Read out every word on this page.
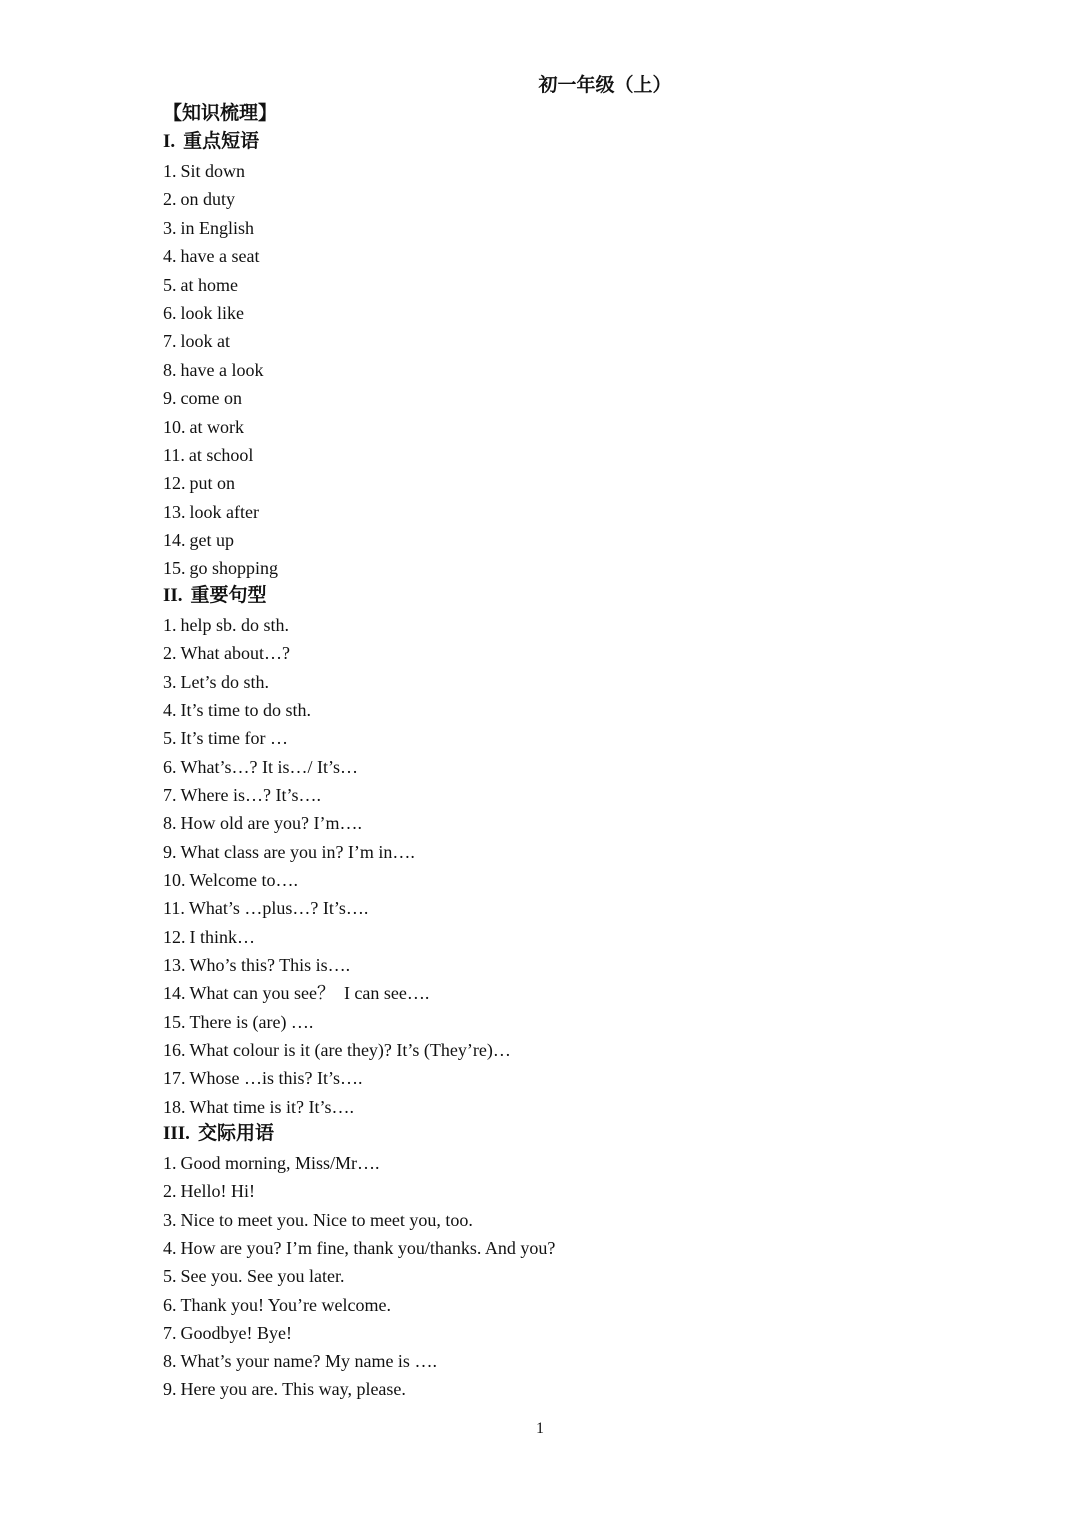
初一年级（上）
【知识梳理】
I. 重点短语
1. Sit down
2. on duty
3. in English
4. have a seat
5. at home
6. look like
7. look at
8. have a look
9. come on
10. at work
11. at school
12. put on
13. look after
14. get up
15. go shopping
II. 重要句型
1. help sb. do sth.
2. What about…?
3. Let’s do sth.
4. It’s time to do sth.
5. It’s time for …
6. What’s…? It is…/ It’s…
7. Where is…? It’s….
8. How old are you? I’m….
9. What class are you in? I’m in….
10. Welcome to….
11. What’s …plus…? It’s….
12. I think…
13. Who’s this? This is….
14. What can you see？  I can see….
15. There is (are) ….
16. What colour is it (are they)? It’s (They’re)…
17. Whose …is this? It’s….
18. What time is it? It’s….
III. 交际用语
1. Good morning, Miss/Mr….
2. Hello! Hi!
3. Nice to meet you. Nice to meet you, too.
4. How are you? I’m fine, thank you/thanks. And you?
5. See you. See you later.
6. Thank you! You’re welcome.
7. Goodbye! Bye!
8. What’s your name? My name is ….
9. Here you are. This way, please.
1
